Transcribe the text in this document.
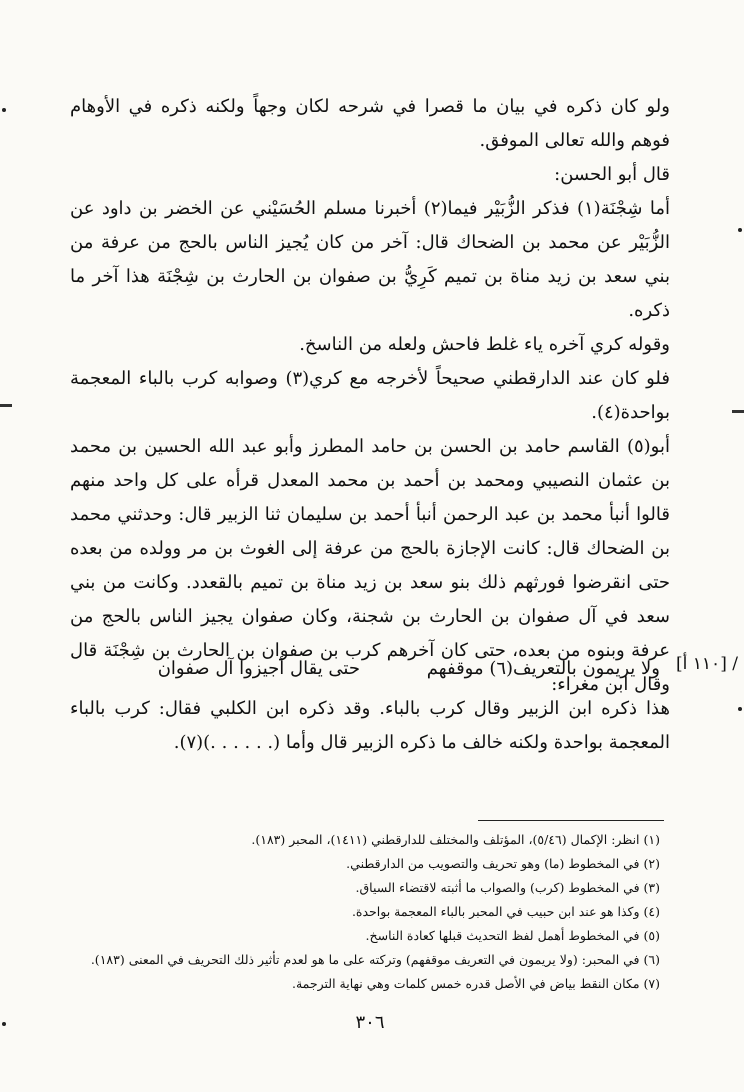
ولو كان ذكره في بيان ما قصرا في شرحه لكان وجهاً ولكنه ذكره في الأوهام فوهم والله تعالى الموفق.

قال أبو الحسن:

أما شِجْنَة(١) فذكر الزُّبَيْر فيما(٢) أخبرنا مسلم الحُسَيْني عن الخضر بن داود عن الزُّبَيْر عن محمد بن الضحاك قال: آخر من كان يُجيز الناس بالحج من عرفة من بني سعد بن زيد مناة بن تميم كَرِيُّ بن صفوان بن الحارث بن شِجْنَة هذا آخر ما ذكره.

وقوله كري آخره ياء غلط فاحش ولعله من الناسخ.

فلو كان عند الدارقطني صحيحاً لأخرجه مع كري(٣) وصوابه كرب بالباء المعجمة بواحدة(٤).

أبو(٥) القاسم حامد بن الحسن بن حامد المطرز وأبو عبد الله الحسين بن محمد بن عثمان النصيبي ومحمد بن أحمد بن محمد المعدل قرأه على كل واحد منهم قالوا أنبأ محمد بن عبد الرحمن أنبأ أحمد بن سليمان ثنا الزبير قال: وحدثني محمد بن الضحاك قال: كانت الإجازة بالحج من عرفة إلى الغوث بن مر وولده من بعده حتى انقرضوا فورثهم ذلك بنو سعد بن زيد مناة بن تميم بالقعدد. وكانت من بني سعد في آل صفوان بن الحارث بن شجنة، وكان صفوان يجيز الناس بالحج من عرفة وبنوه من بعده، حتى كان آخرهم كرب بن صفوان بن الحارث بن شِجْنَة قال وقال ابن مغراء:

[١١٠ أ] /
ولا يريمون بالتعريف(٦) موقفهم
حتى يقال أجيزوا آل صفوان
هذا ذكره ابن الزبير وقال كرب بالباء. وقد ذكره ابن الكلبي فقال: كرب بالباء المعجمة بواحدة ولكنه خالف ما ذكره الزبير قال وأما (. . . . . .)(٧).

(١) انظر: الإكمال (٥/٤٦)، المؤتلف والمختلف للدارقطني (١٤١١)، المحبر (١٨٣).

(٢) في المخطوط (ما) وهو تحريف والتصويب من الدارقطني.

(٣) في المخطوط (كرب) والصواب ما أثبته لاقتضاء السياق.

(٤) وكذا هو عند ابن حبيب في المحبر بالباء المعجمة بواحدة.

(٥) في المخطوط أهمل لفظ التحديث قبلها كعادة الناسخ.

(٦) في المحبر: (ولا يريمون في التعريف موقفهم) وتركته على ما هو لعدم تأثير ذلك التحريف في المعنى (١٨٣).

(٧) مكان النقط بياض في الأصل قدره خمس كلمات وهي نهاية الترجمة.

٣٠٦
